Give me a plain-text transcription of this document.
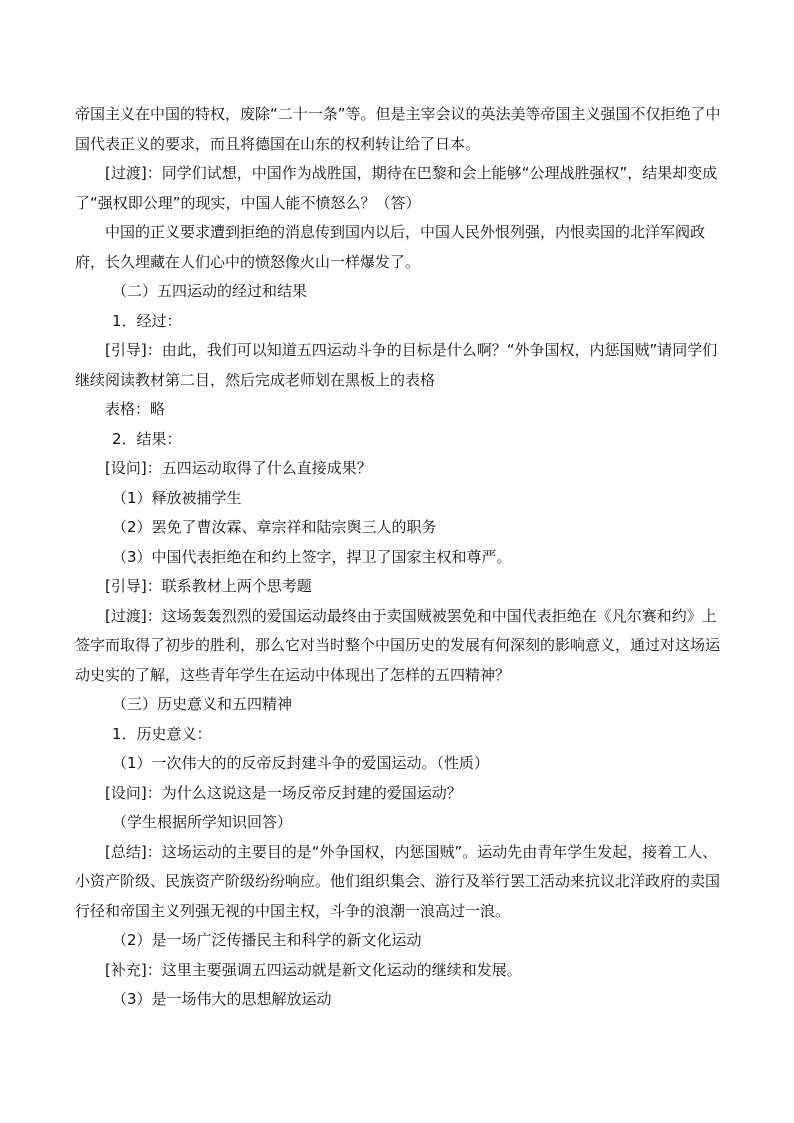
帝国主义在中国的特权，废除“二十一条”等。但是主宰会议的英法美等帝国主义强国不仅拒绝了中国代表正义的要求，而且将德国在山东的权利转让给了日本。

[过渡]：同学们试想，中国作为战胜国，期待在巴黎和会上能够“公理战胜强权”，结果却变成了“强权即公理”的现实，中国人能不愤怒么？（答）

中国的正义要求遭到拒绝的消息传到国内以后，中国人民外恨列强，内恨卖国的北洋军阀政府，长久埋藏在人们心中的愤怒像火山一样爆发了。

（二）五四运动的经过和结果

1．经过：

[引导]：由此，我们可以知道五四运动斗争的目标是什么啊？“外争国权，内惩国贼”请同学们继续阅读教材第二目，然后完成老师划在黑板上的表格

表格：略

2．结果：

[设问]：五四运动取得了什么直接成果？

（1）释放被捕学生

（2）罢免了曹汝霖、章宗祥和陆宗舆三人的职务

（3）中国代表拒绝在和约上签字，捍卫了国家主权和尊严。

[引导]：联系教材上两个思考题

[过渡]：这场轰轰烈烈的爱国运动最终由于卖国贼被罢免和中国代表拒绝在《凡尔赛和约》上签字而取得了初步的胜利，那么它对当时整个中国历史的发展有何深刻的影响意义，通过对这场运动史实的了解，这些青年学生在运动中体现出了怎样的五四精神？

（三）历史意义和五四精神

1．历史意义：

（1）一次伟大的的反帝反封建斗争的爱国运动。（性质）

[设问]：为什么这说这是一场反帝反封建的爱国运动？

（学生根据所学知识回答）

[总结]：这场运动的主要目的是“外争国权，内惩国贼”。运动先由青年学生发起，接着工人、小资产阶级、民族资产阶级纷纷响应。他们组织集会、游行及举行罢工活动来抗议北洋政府的卖国行径和帝国主义列强无视的中国主权，斗争的浪潮一浪高过一浪。

（2）是一场广泛传播民主和科学的新文化运动

[补充]：这里主要强调五四运动就是新文化运动的继续和发展。

（3）是一场伟大的思想解放运动
